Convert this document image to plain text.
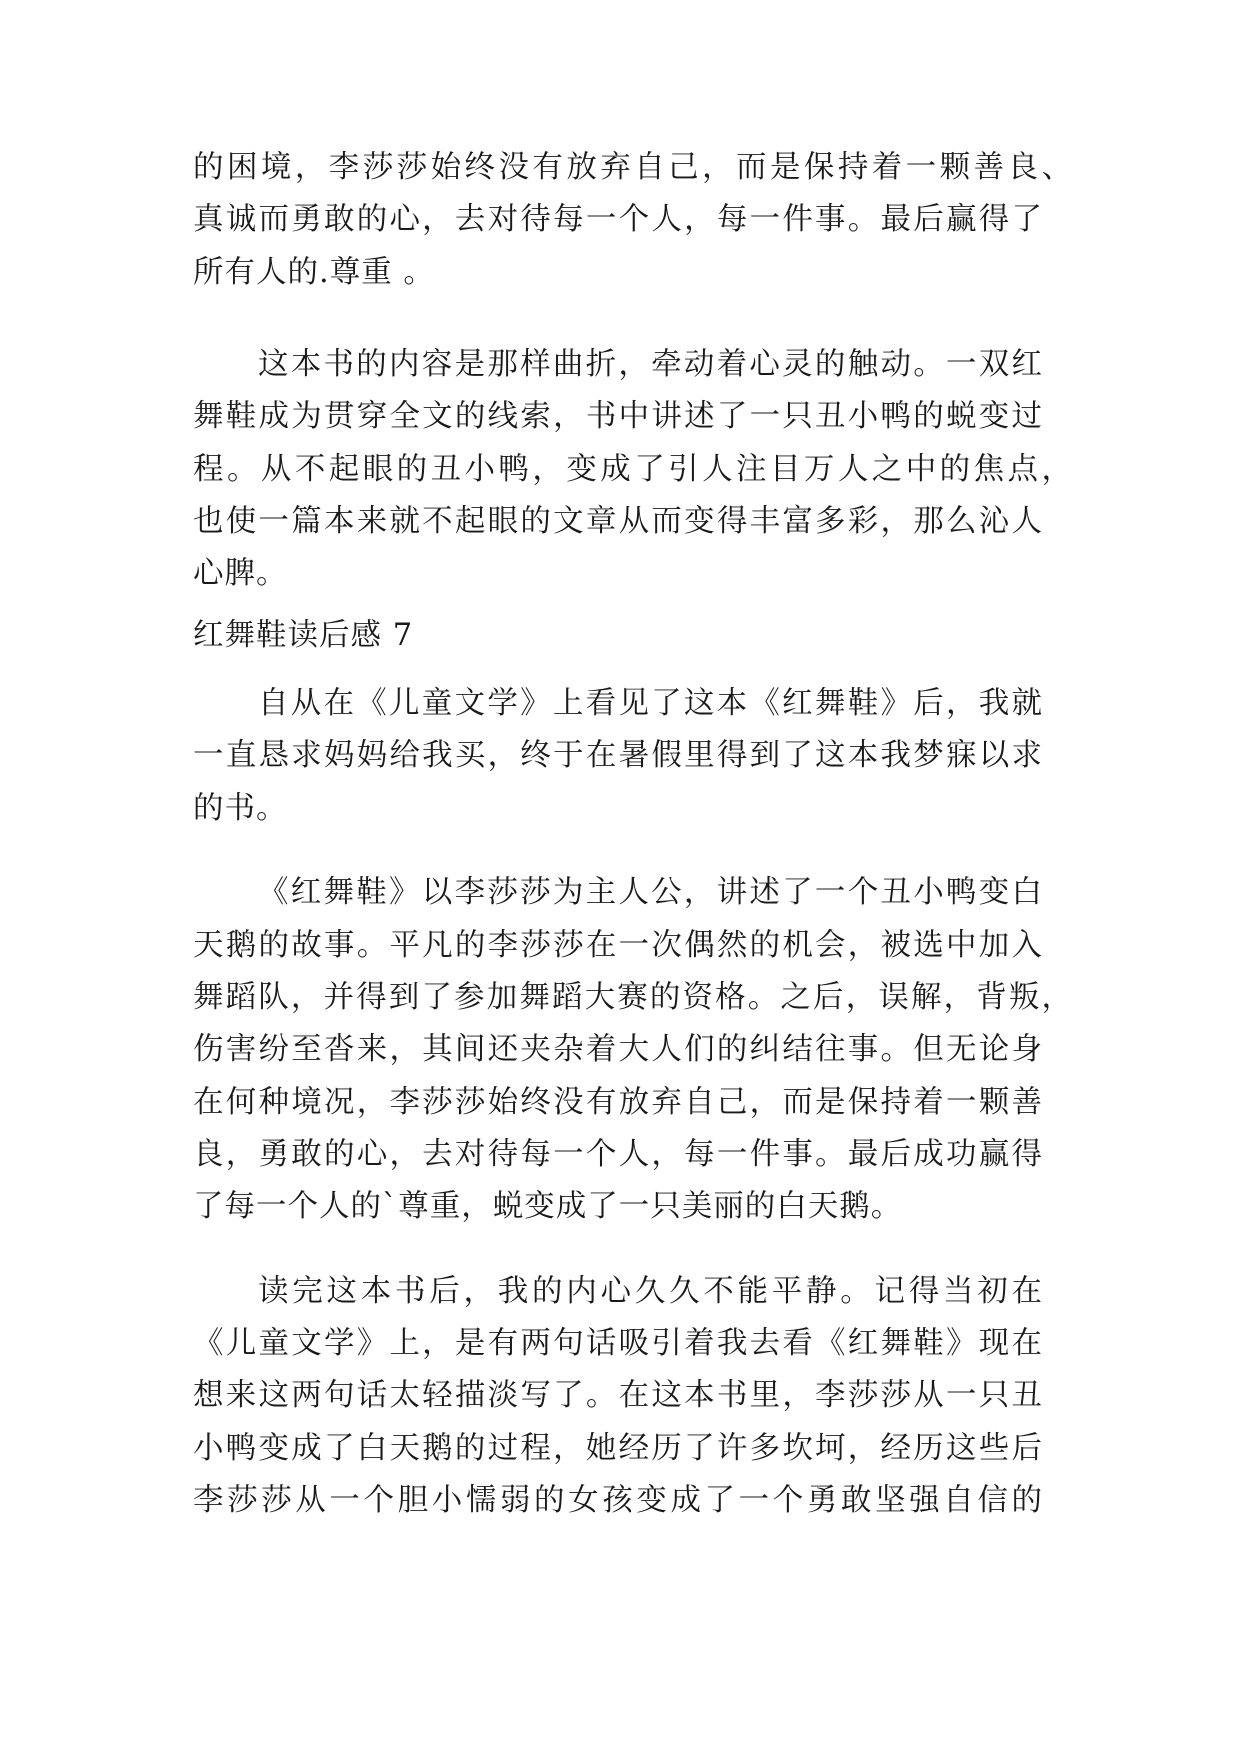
的困境，李莎莎始终没有放弃自己，而是保持着一颗善良、
真诚而勇敢的心，去对待每一个人，每一件事。最后赢得了
所有人的.尊重 。
这本书的内容是那样曲折，牵动着心灵的触动。一双红
舞鞋成为贯穿全文的线索，书中讲述了一只丑小鸭的蜕变过
程。从不起眼的丑小鸭，变成了引人注目万人之中的焦点，
也使一篇本来就不起眼的文章从而变得丰富多彩，那么沁人
心脾。
红舞鞋读后感 7
自从在《儿童文学》上看见了这本《红舞鞋》后，我就
一直恳求妈妈给我买，终于在暑假里得到了这本我梦寐以求
的书。
《红舞鞋》以李莎莎为主人公，讲述了一个丑小鸭变白
天鹅的故事。平凡的李莎莎在一次偶然的机会，被选中加入
舞蹈队，并得到了参加舞蹈大赛的资格。之后，误解，背叛，
伤害纷至沓来，其间还夹杂着大人们的纠结往事。但无论身
在何种境况，李莎莎始终没有放弃自己，而是保持着一颗善
良，勇敢的心，去对待每一个人，每一件事。最后成功赢得
了每一个人的`尊重，蜕变成了一只美丽的白天鹅。
读完这本书后，我的内心久久不能平静。记得当初在
《儿童文学》上，是有两句话吸引着我去看《红舞鞋》现在
想来这两句话太轻描淡写了。在这本书里，李莎莎从一只丑
小鸭变成了白天鹅的过程，她经历了许多坎坷，经历这些后
李莎莎从一个胆小懦弱的女孩变成了一个勇敢坚强自信的
